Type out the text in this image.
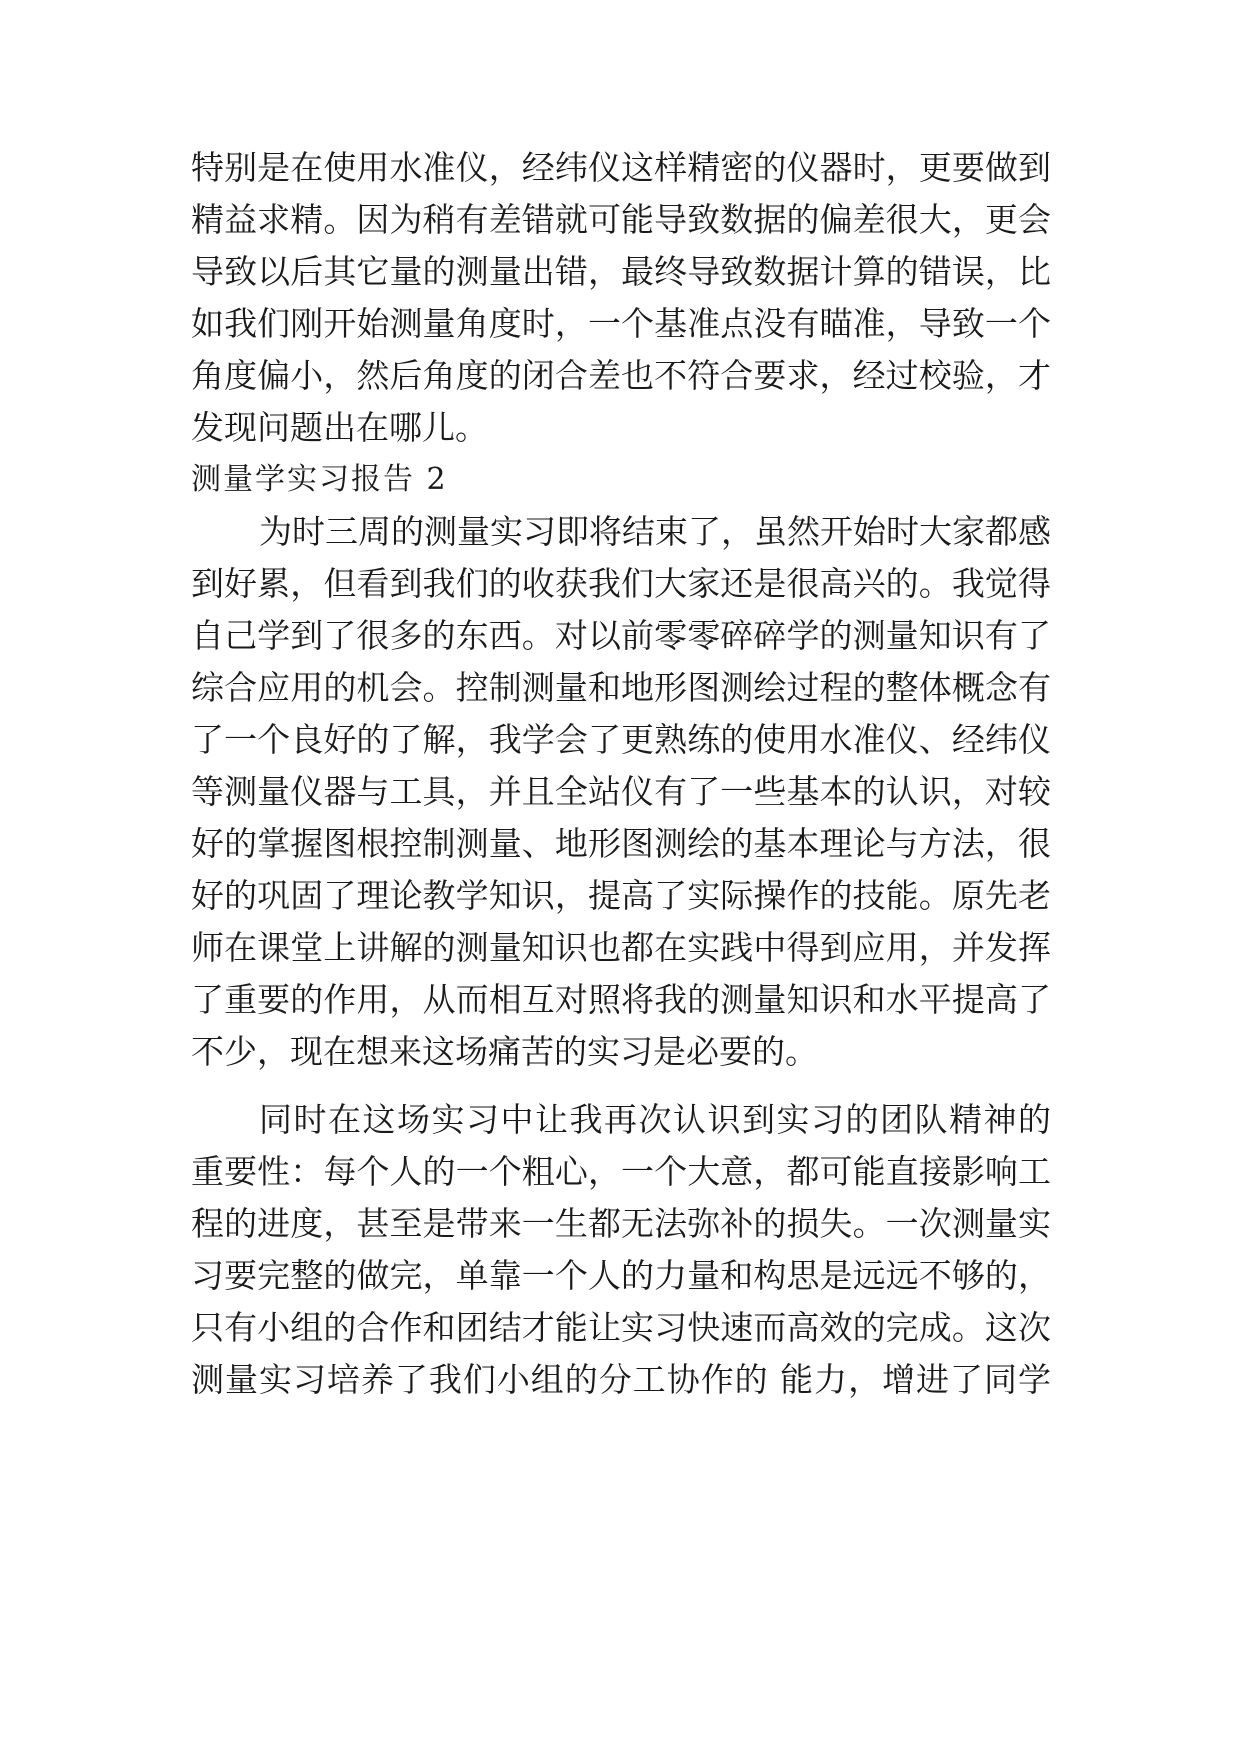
特别是在使用水准仪，经纬仪这样精密的仪器时，更要做到
精益求精。因为稍有差错就可能导致数据的偏差很大，更会
导致以后其它量的测量出错，最终导致数据计算的错误，比
如我们刚开始测量角度时，一个基准点没有瞄准，导致一个
角度偏小，然后角度的闭合差也不符合要求，经过校验，才
发现问题出在哪儿。
测量学实习报告 2
为时三周的测量实习即将结束了，虽然开始时大家都感
到好累，但看到我们的收获我们大家还是很高兴的。我觉得
自己学到了很多的东西。对以前零零碎碎学的测量知识有了
综合应用的机会。控制测量和地形图测绘过程的整体概念有
了一个良好的了解，我学会了更熟练的使用水准仪、经纬仪
等测量仪器与工具，并且全站仪有了一些基本的认识，对较
好的掌握图根控制测量、地形图测绘的基本理论与方法，很
好的巩固了理论教学知识，提高了实际操作的技能。原先老
师在课堂上讲解的测量知识也都在实践中得到应用，并发挥
了重要的作用，从而相互对照将我的测量知识和水平提高了
不少，现在想来这场痛苦的实习是必要的。
同时在这场实习中让我再次认识到实习的团队精神的
重要性：每个人的一个粗心，一个大意，都可能直接影响工
程的进度，甚至是带来一生都无法弥补的损失。一次测量实
习要完整的做完，单靠一个人的力量和构思是远远不够的，
只有小组的合作和团结才能让实习快速而高效的完成。这次
测量实习培养了我们小组的分工协作的 能力，增进了同学
